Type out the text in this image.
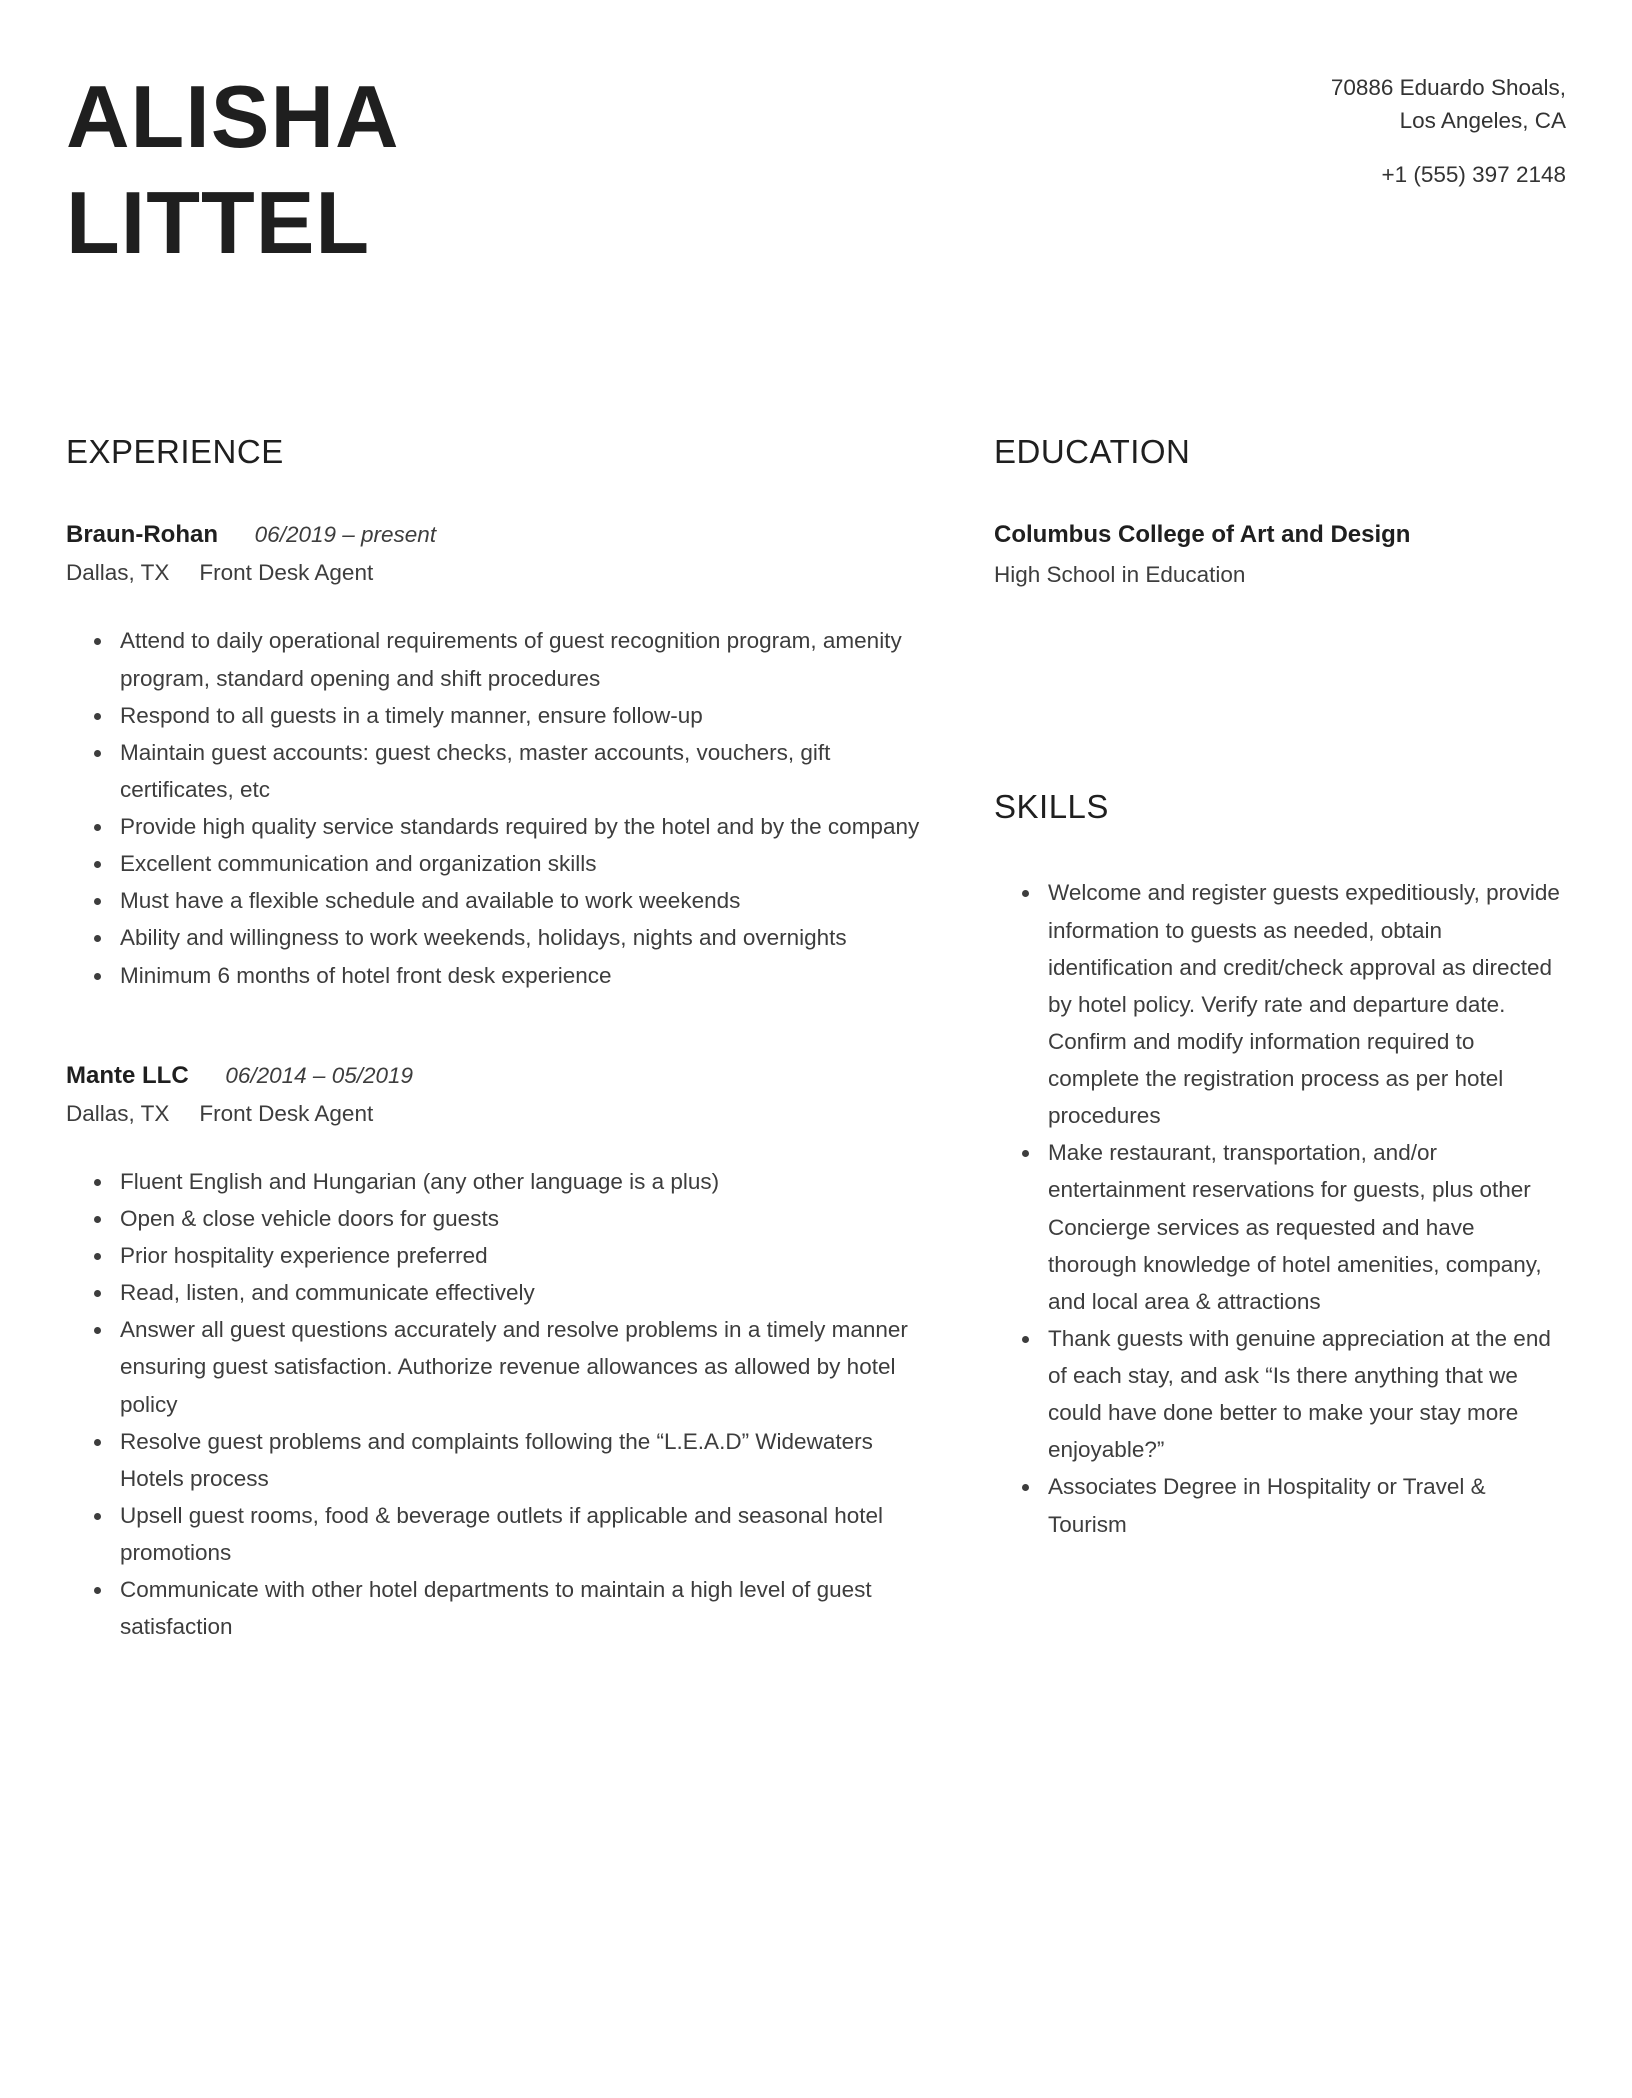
ALISHA
LITTEL
70886 Eduardo Shoals,
Los Angeles, CA
+1 (555) 397 2148
EXPERIENCE
Braun-Rohan 06/2019 – present
Dallas, TX Front Desk Agent
• Attend to daily operational requirements of guest recognition program, amenity program, standard opening and shift procedures
• Respond to all guests in a timely manner, ensure follow-up
• Maintain guest accounts: guest checks, master accounts, vouchers, gift certificates, etc
• Provide high quality service standards required by the hotel and by the company
• Excellent communication and organization skills
• Must have a flexible schedule and available to work weekends
• Ability and willingness to work weekends, holidays, nights and overnights
• Minimum 6 months of hotel front desk experience
Mante LLC 06/2014 – 05/2019
Dallas, TX Front Desk Agent
• Fluent English and Hungarian (any other language is a plus)
• Open & close vehicle doors for guests
• Prior hospitality experience preferred
• Read, listen, and communicate effectively
• Answer all guest questions accurately and resolve problems in a timely manner ensuring guest satisfaction. Authorize revenue allowances as allowed by hotel policy
• Resolve guest problems and complaints following the “L.E.A.D” Widewaters Hotels process
• Upsell guest rooms, food & beverage outlets if applicable and seasonal hotel promotions
• Communicate with other hotel departments to maintain a high level of guest satisfaction
EDUCATION
Columbus College of Art and Design
High School in Education
SKILLS
• Welcome and register guests expeditiously, provide information to guests as needed, obtain identification and credit/check approval as directed by hotel policy. Verify rate and departure date. Confirm and modify information required to complete the registration process as per hotel procedures
• Make restaurant, transportation, and/or entertainment reservations for guests, plus other Concierge services as requested and have thorough knowledge of hotel amenities, company, and local area & attractions
• Thank guests with genuine appreciation at the end of each stay, and ask “Is there anything that we could have done better to make your stay more enjoyable?”
• Associates Degree in Hospitality or Travel & Tourism
